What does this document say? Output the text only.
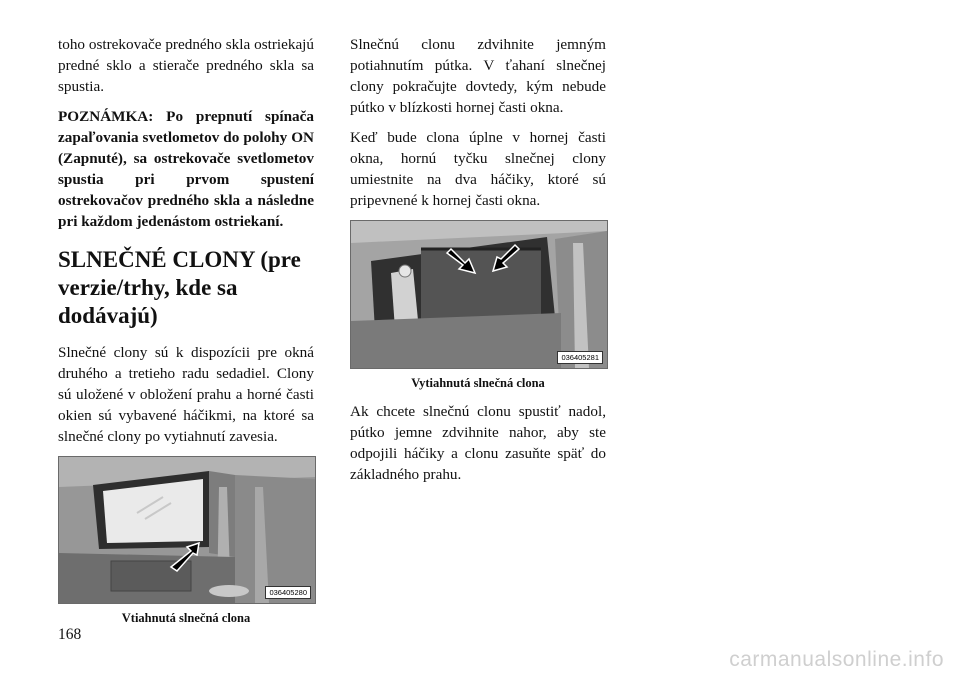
toho ostrekovače predného skla ostriekajú predné sklo a stierače predného skla sa spustia.

POZNÁMKA: Po prepnutí spínača zapaľovania svetlometov do polohy ON (Zapnuté), sa ostrekovače svetlometov spustia pri prvom spustení ostrekovačov predného skla a následne pri každom jedenástom ostriekaní.

SLNEČNÉ CLONY (pre verzie/trhy, kde sa dodávajú)

Slnečné clony sú k dispozícii pre okná druhého a tretieho radu sedadiel. Clony sú uložené v obložení prahu a horné časti okien sú vybavené háčikmi, na ktoré sa slnečné clony po vytiahnutí zavesia.

036405280
Vtiahnutá slnečná clona

Slnečnú clonu zdvihnite jemným potiahnutím pútka. V ťahaní slnečnej clony pokračujte dovtedy, kým nebude pútko v blízkosti hornej časti okna.

Keď bude clona úplne v hornej časti okna, hornú tyčku slnečnej clony umiestnite na dva háčiky, ktoré sú pripevnené k hornej časti okna.

036405281
Vytiahnutá slnečná clona

Ak chcete slnečnú clonu spustiť nadol, pútko jemne zdvihnite nahor, aby ste odpojili háčiky a clonu zasuňte späť do základného prahu.

168
carmanualsonline.info
